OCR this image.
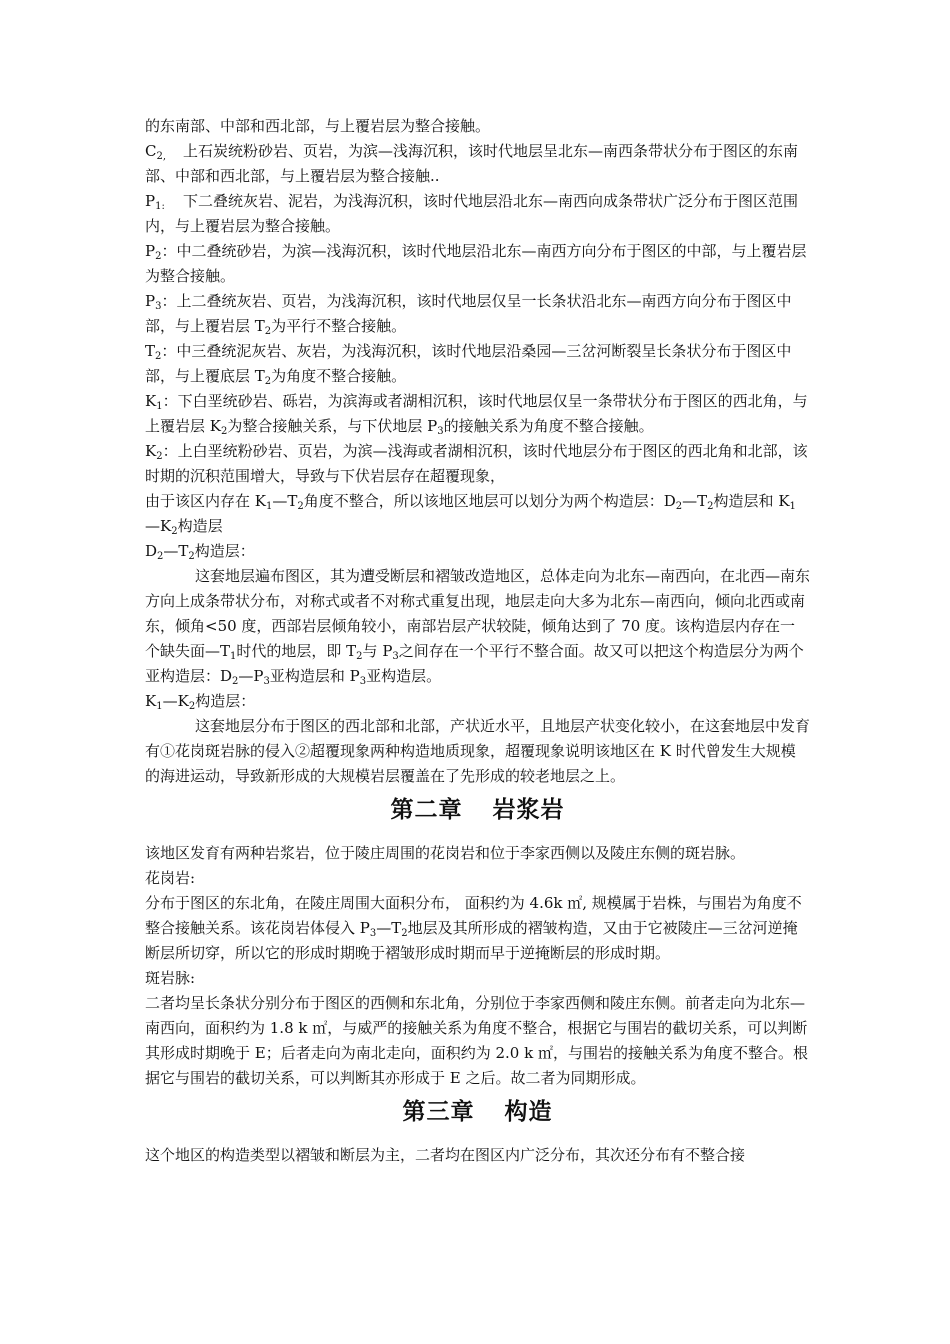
的东南部、中部和西北部，与上覆岩层为整合接触。

$C_{2,}$ 上石炭统粉砂岩、页岩，为滨—浅海沉积，该时代地层呈北东—南西条带状分布于图区的东南部、中部和西北部，与上覆岩层为整合接触..

$P_{1:}$ 下二叠统灰岩、泥岩，为浅海沉积，该时代地层沿北东—南西向成条带状广泛分布于图区范围内，与上覆岩层为整合接触。

$P_2$：中二叠统砂岩，为滨—浅海沉积，该时代地层沿北东—南西方向分布于图区的中部，与上覆岩层为整合接触。

$P_3$：上二叠统灰岩、页岩，为浅海沉积，该时代地层仅呈一长条状沿北东—南西方向分布于图区中部，与上覆岩层 $T_2$为平行不整合接触。

$T_2$：中三叠统泥灰岩、灰岩，为浅海沉积，该时代地层沿桑园—三岔河断裂呈长条状分布于图区中部，与上覆底层 $T_2$为角度不整合接触。

$K_1$：下白垩统砂岩、砾岩，为滨海或者湖相沉积，该时代地层仅呈一条带状分布于图区的西北角，与上覆岩层 $K_2$为整合接触关系，与下伏地层 $P_3$的接触关系为角度不整合接触。

$K_2$：上白垩统粉砂岩、页岩，为滨—浅海或者湖相沉积，该时代地层分布于图区的西北角和北部，该时期的沉积范围增大，导致与下伏岩层存在超覆现象，

由于该区内存在 $K_1—T_2$角度不整合，所以该地区地层可以划分为两个构造层：$D_2—T_2$构造层和 $K_1—K_2$构造层

$D_2—T_2$构造层：

这套地层遍布图区，其为遭受断层和褶皱改造地区，总体走向为北东—南西向，在北西—南东方向上成条带状分布，对称式或者不对称式重复出现，地层走向大多为北东—南西向，倾向北西或南东，倾角<50 度，西部岩层倾角较小，南部岩层产状较陡，倾角达到了 70 度。该构造层内存在一个缺失面$—T_1$时代的地层，即 $T_2$与 $P_3$之间存在一个平行不整合面。故又可以把这个构造层分为两个亚构造层：$D_2—P_3$亚构造层和 $P_3$亚构造层。

$K_1—K_2$构造层：

这套地层分布于图区的西北部和北部，产状近水平，且地层产状变化较小，在这套地层中发育有①花岗斑岩脉的侵入②超覆现象两种构造地质现象，超覆现象说明该地区在 K 时代曾发生大规模的海进运动，导致新形成的大规模岩层覆盖在了先形成的较老地层之上。

第二章 岩浆岩

该地区发育有两种岩浆岩，位于陵庄周围的花岗岩和位于李家西侧以及陵庄东侧的斑岩脉。

花岗岩:

分布于图区的东北角，在陵庄周围大面积分布， 面积约为 4.6k ㎡, 规模属于岩株，与围岩为角度不整合接触关系。该花岗岩体侵入 $P_3—T_2$地层及其所形成的褶皱构造，又由于它被陵庄—三岔河逆掩断层所切穿，所以它的形成时期晚于褶皱形成时期而早于逆掩断层的形成时期。

斑岩脉:

二者均呈长条状分别分布于图区的西侧和东北角，分别位于李家西侧和陵庄东侧。前者走向为北东—南西向，面积约为 1.8 k ㎡，与威严的接触关系为角度不整合，根据它与围岩的截切关系，可以判断其形成时期晚于 E；后者走向为南北走向，面积约为 2.0 k ㎡，与围岩的接触关系为角度不整合。根据它与围岩的截切关系，可以判断其亦形成于 E 之后。故二者为同期形成。

第三章 构造

这个地区的构造类型以褶皱和断层为主，二者均在图区内广泛分布，其次还分布有不整合接
